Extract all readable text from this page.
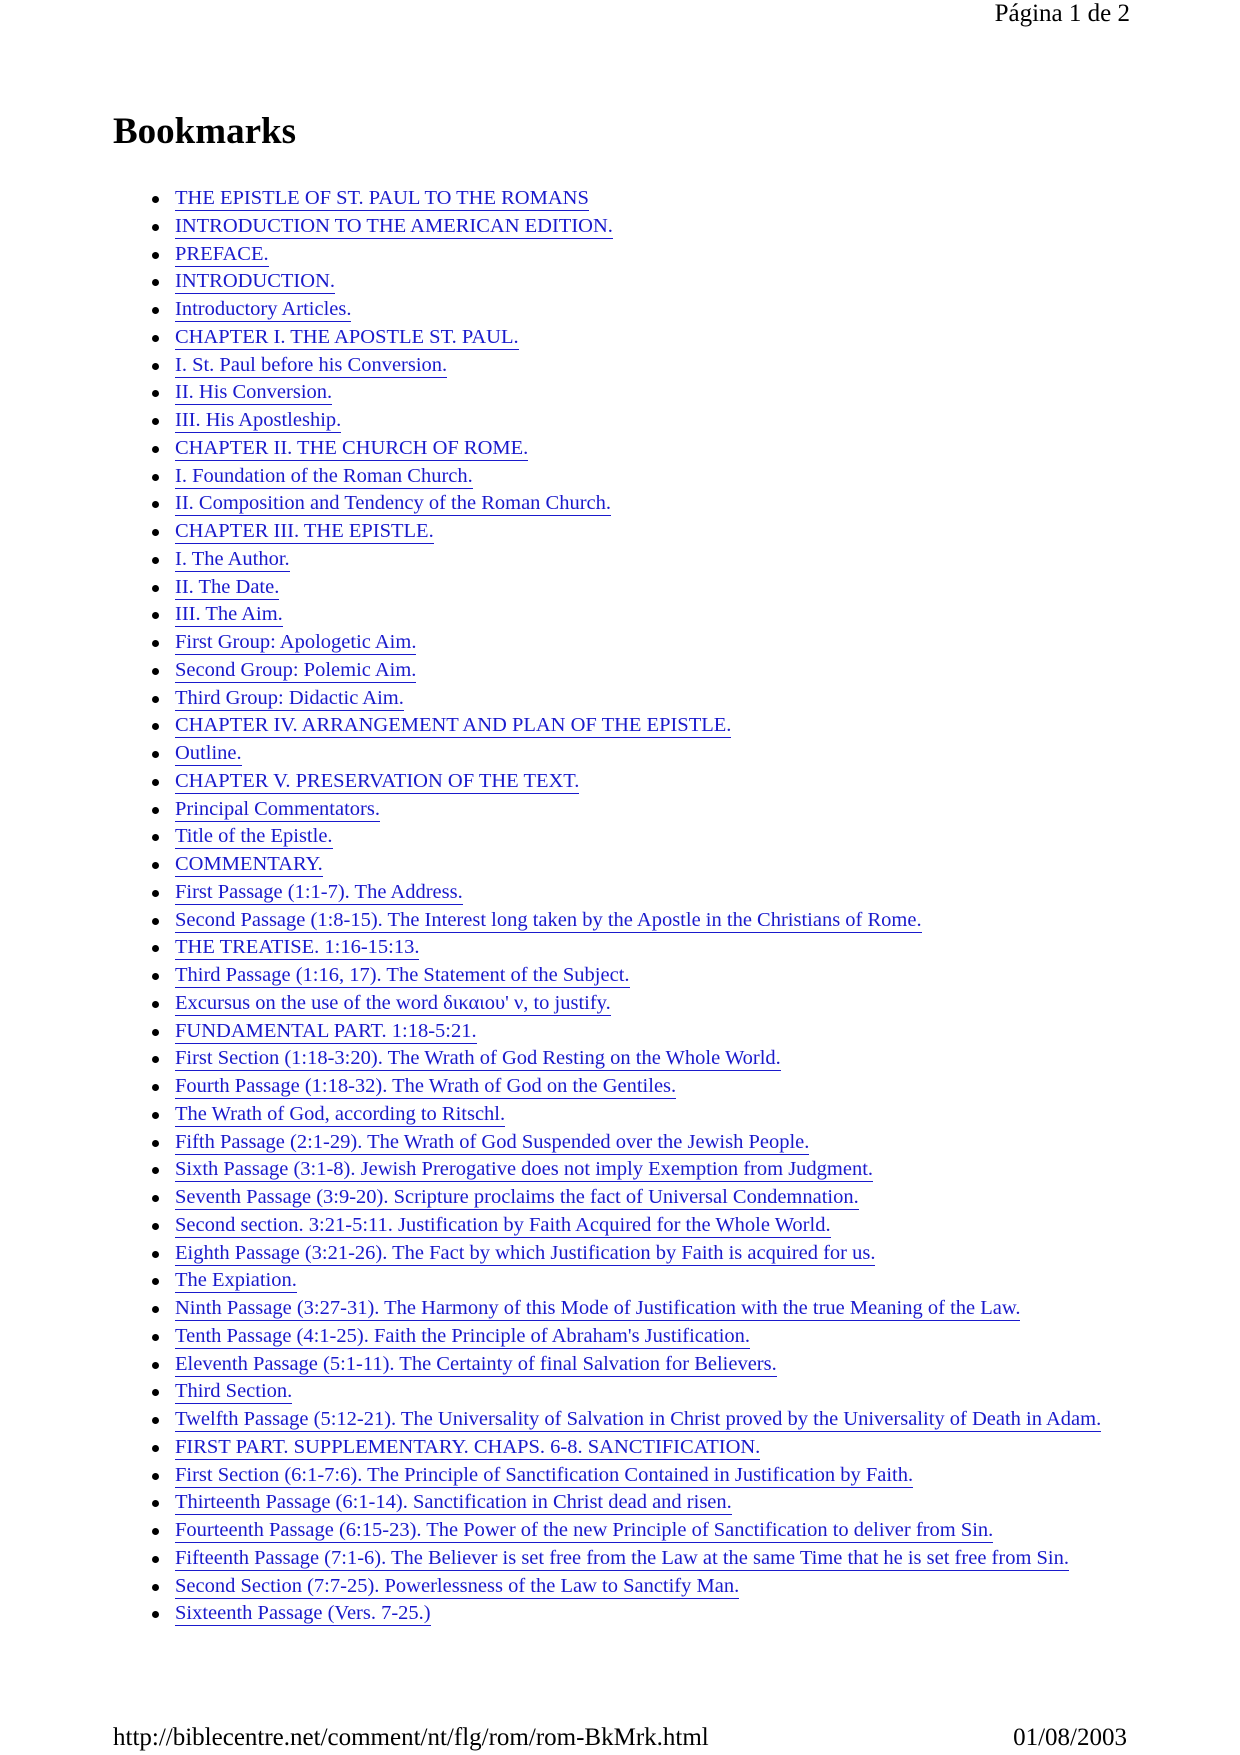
Página 1 de 2
Bookmarks
THE EPISTLE OF ST. PAUL TO THE ROMANS
INTRODUCTION TO THE AMERICAN EDITION.
PREFACE.
INTRODUCTION.
Introductory Articles.
CHAPTER I. THE APOSTLE ST. PAUL.
I. St. Paul before his Conversion.
II. His Conversion.
III. His Apostleship.
CHAPTER II. THE CHURCH OF ROME.
I. Foundation of the Roman Church.
II. Composition and Tendency of the Roman Church.
CHAPTER III. THE EPISTLE.
I. The Author.
II. The Date.
III. The Aim.
First Group: Apologetic Aim.
Second Group: Polemic Aim.
Third Group: Didactic Aim.
CHAPTER IV. ARRANGEMENT AND PLAN OF THE EPISTLE.
Outline.
CHAPTER V. PRESERVATION OF THE TEXT.
Principal Commentators.
Title of the Epistle.
COMMENTARY.
First Passage (1:1-7). The Address.
Second Passage (1:8-15). The Interest long taken by the Apostle in the Christians of Rome.
THE TREATISE. 1:16-15:13.
Third Passage (1:16, 17). The Statement of the Subject.
Excursus on the use of the word δικαιου' ν, to justify.
FUNDAMENTAL PART. 1:18-5:21.
First Section (1:18-3:20). The Wrath of God Resting on the Whole World.
Fourth Passage (1:18-32). The Wrath of God on the Gentiles.
The Wrath of God, according to Ritschl.
Fifth Passage (2:1-29). The Wrath of God Suspended over the Jewish People.
Sixth Passage (3:1-8). Jewish Prerogative does not imply Exemption from Judgment.
Seventh Passage (3:9-20). Scripture proclaims the fact of Universal Condemnation.
Second section. 3:21-5:11. Justification by Faith Acquired for the Whole World.
Eighth Passage (3:21-26). The Fact by which Justification by Faith is acquired for us.
The Expiation.
Ninth Passage (3:27-31). The Harmony of this Mode of Justification with the true Meaning of the Law.
Tenth Passage (4:1-25). Faith the Principle of Abraham's Justification.
Eleventh Passage (5:1-11). The Certainty of final Salvation for Believers.
Third Section.
Twelfth Passage (5:12-21). The Universality of Salvation in Christ proved by the Universality of Death in Adam.
FIRST PART. SUPPLEMENTARY. CHAPS. 6-8. SANCTIFICATION.
First Section (6:1-7:6). The Principle of Sanctification Contained in Justification by Faith.
Thirteenth Passage (6:1-14). Sanctification in Christ dead and risen.
Fourteenth Passage (6:15-23). The Power of the new Principle of Sanctification to deliver from Sin.
Fifteenth Passage (7:1-6). The Believer is set free from the Law at the same Time that he is set free from Sin.
Second Section (7:7-25). Powerlessness of the Law to Sanctify Man.
Sixteenth Passage (Vers. 7-25.)
http://biblecentre.net/comment/nt/flg/rom/rom-BkMrk.html	01/08/2003
